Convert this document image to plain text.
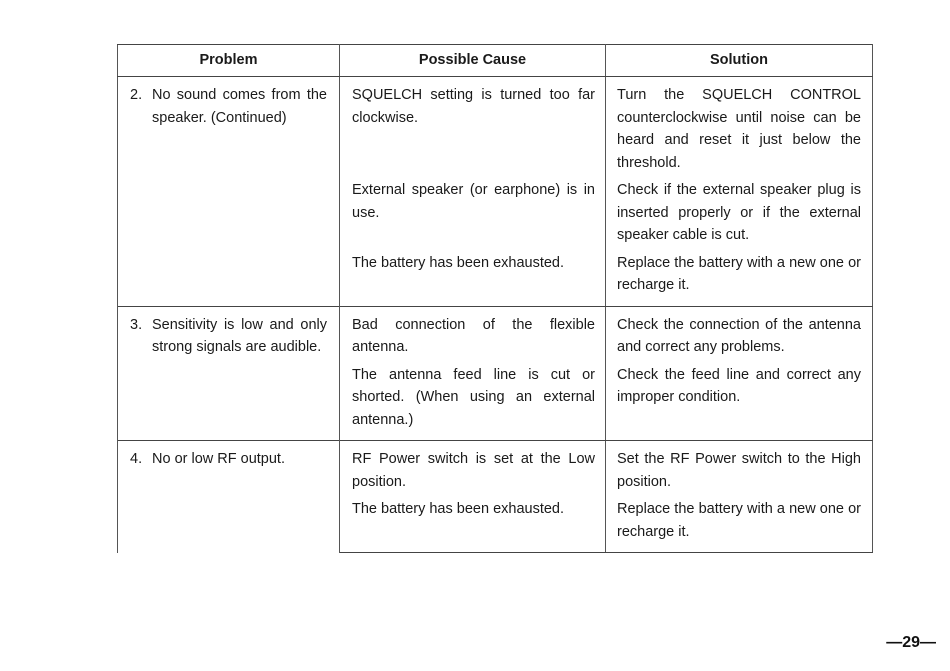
Problem	Possible Cause	Solution

2. No sound comes from the speaker. (Continued)	SQUELCH setting is turned too far clockwise.	Turn the SQUELCH CONTROL counterclockwise until noise can be heard and reset it just below the threshold.

	External speaker (or earphone) is in use.	Check if the external speaker plug is inserted properly or if the external speaker cable is cut.

	The battery has been exhausted.	Replace the battery with a new one or recharge it.

3. Sensitivity is low and only strong signals are audible.	Bad connection of the flexible antenna.	Check the connection of the antenna and correct any problems.

	The antenna feed line is cut or shorted. (When using an external antenna.)	Check the feed line and correct any improper condition.

4. No or low RF output.	RF Power switch is set at the Low position.	Set the RF Power switch to the High position.

	The battery has been exhausted.	Replace the battery with a new one or recharge it.
—29—
